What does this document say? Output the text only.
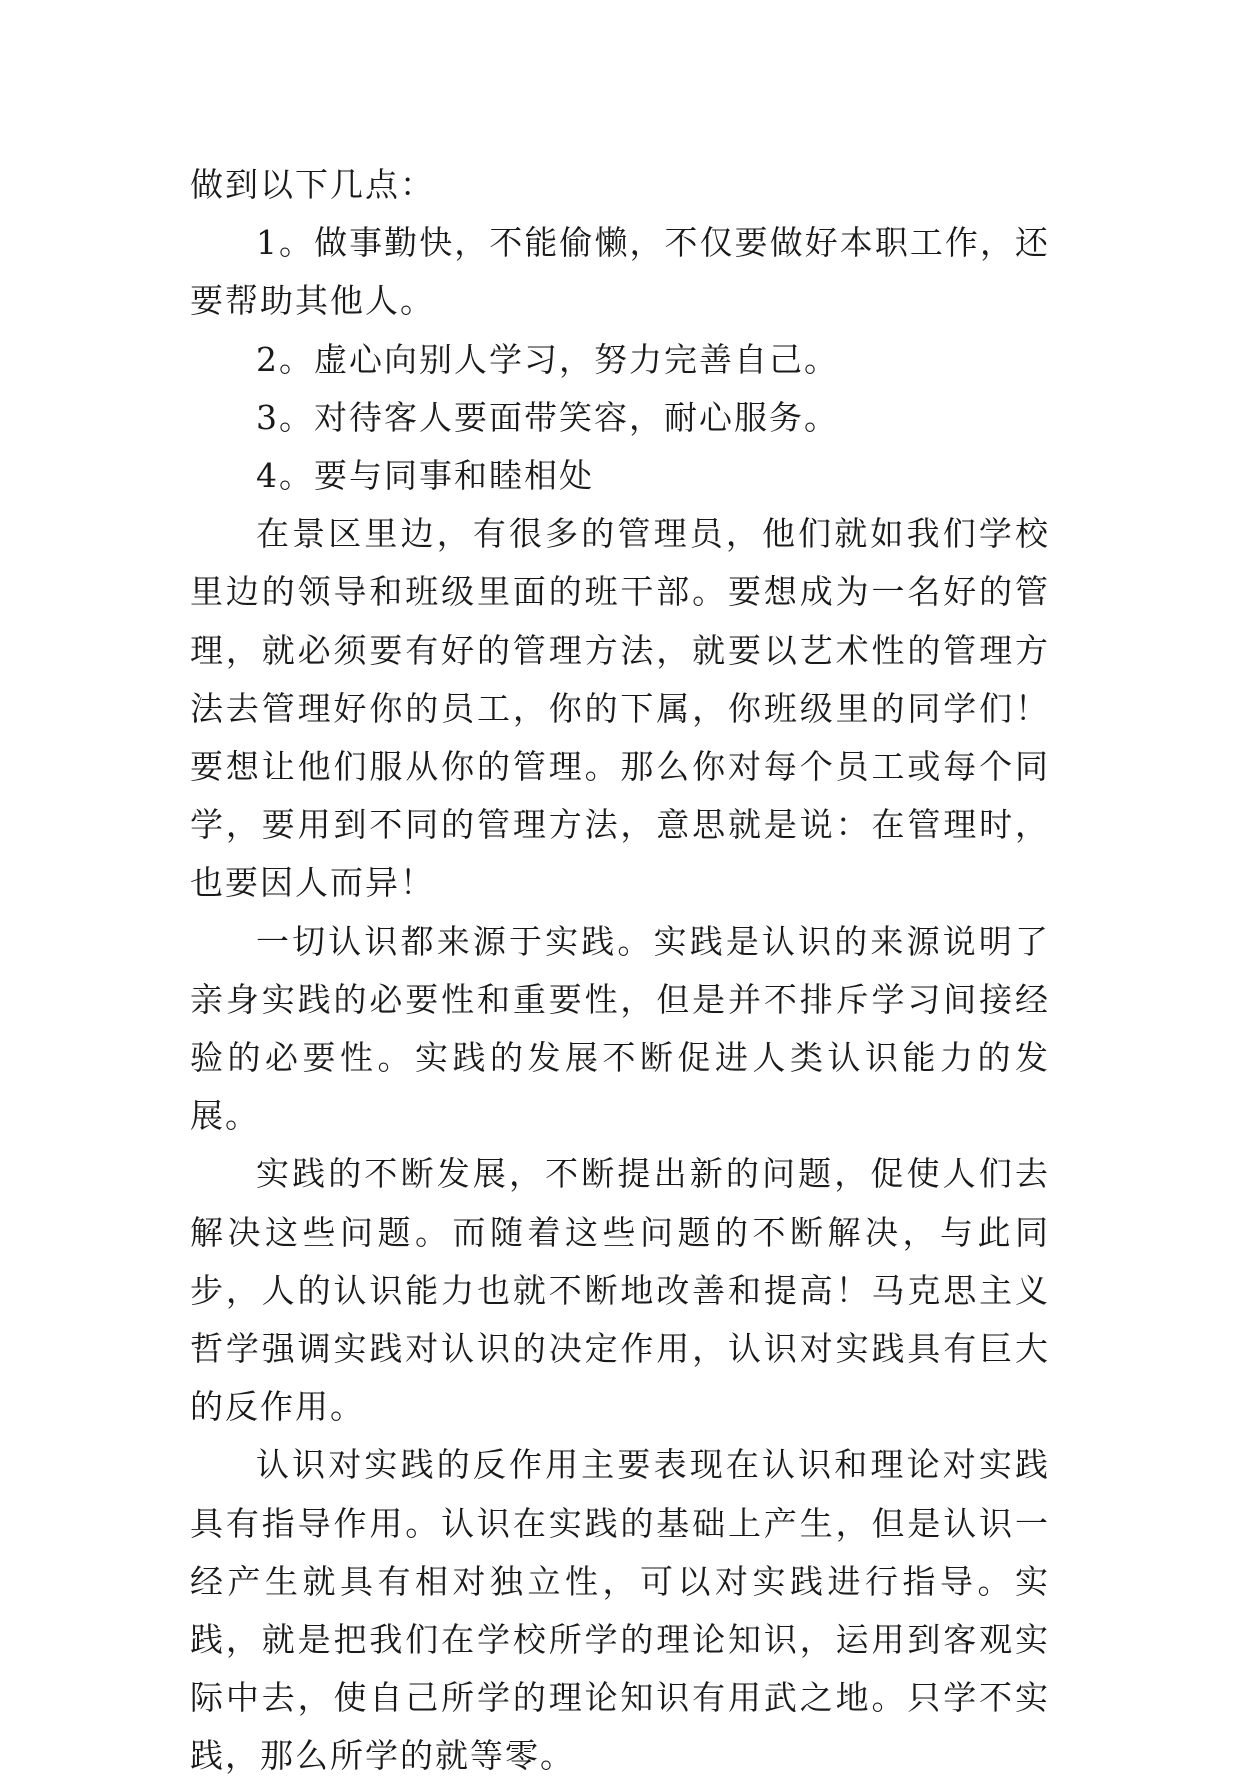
做到以下几点：

1。做事勤快，不能偷懒，不仅要做好本职工作，还要帮助其他人。

2。虚心向别人学习，努力完善自己。

3。对待客人要面带笑容，耐心服务。

4。要与同事和睦相处

在景区里边，有很多的管理员，他们就如我们学校里边的领导和班级里面的班干部。要想成为一名好的管理，就必须要有好的管理方法，就要以艺术性的管理方法去管理好你的员工，你的下属，你班级里的同学们！要想让他们服从你的管理。那么你对每个员工或每个同学，要用到不同的管理方法，意思就是说：在管理时，也要因人而异！

一切认识都来源于实践。实践是认识的来源说明了亲身实践的必要性和重要性，但是并不排斥学习间接经验的必要性。实践的发展不断促进人类认识能力的发展。

实践的不断发展，不断提出新的问题，促使人们去解决这些问题。而随着这些问题的不断解决，与此同步，人的认识能力也就不断地改善和提高！马克思主义哲学强调实践对认识的决定作用，认识对实践具有巨大的反作用。

认识对实践的反作用主要表现在认识和理论对实践具有指导作用。认识在实践的基础上产生，但是认识一经产生就具有相对独立性，可以对实践进行指导。实践，就是把我们在学校所学的理论知识，运用到客观实际中去，使自己所学的理论知识有用武之地。只学不实践，那么所学的就等零。
